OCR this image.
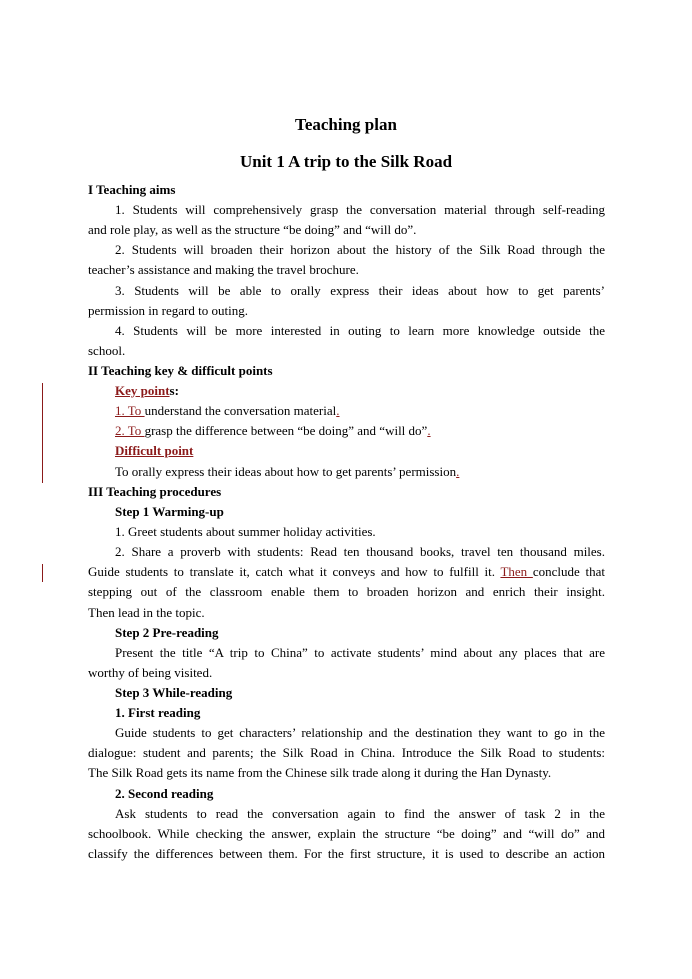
Teaching plan
Unit 1 A trip to the Silk Road
I Teaching aims
1. Students will comprehensively grasp the conversation material through self-reading
and role play, as well as the structure “be doing” and “will do”.
2. Students will broaden their horizon about the history of the Silk Road through the
teacher’s assistance and making the travel brochure.
3. Students will be able to orally express their ideas about how to get parents’
permission in regard to outing.
4. Students will be more interested in outing to learn more knowledge outside the
school.
II Teaching key & difficult points
Key points:
1. To understand the conversation material.
2. To grasp the difference between “be doing” and “will do”.
Difficult point
To orally express their ideas about how to get parents’ permission.
III Teaching procedures
Step 1 Warming-up
1. Greet students about summer holiday activities.
2. Share a proverb with students: Read ten thousand books, travel ten thousand miles.
Guide students to translate it, catch what it conveys and how to fulfill it. Then conclude that
stepping out of the classroom enable them to broaden horizon and enrich their insight.
Then lead in the topic.
Step 2 Pre-reading
Present the title “A trip to China” to activate students’ mind about any places that are
worthy of being visited.
Step 3 While-reading
1. First reading
Guide students to get characters’ relationship and the destination they want to go in the
dialogue: student and parents; the Silk Road in China. Introduce the Silk Road to students:
The Silk Road gets its name from the Chinese silk trade along it during the Han Dynasty.
2. Second reading
Ask students to read the conversation again to find the answer of task 2 in the
schoolbook. While checking the answer, explain the structure “be doing” and “will do” and
classify the differences between them. For the first structure, it is used to describe an action
